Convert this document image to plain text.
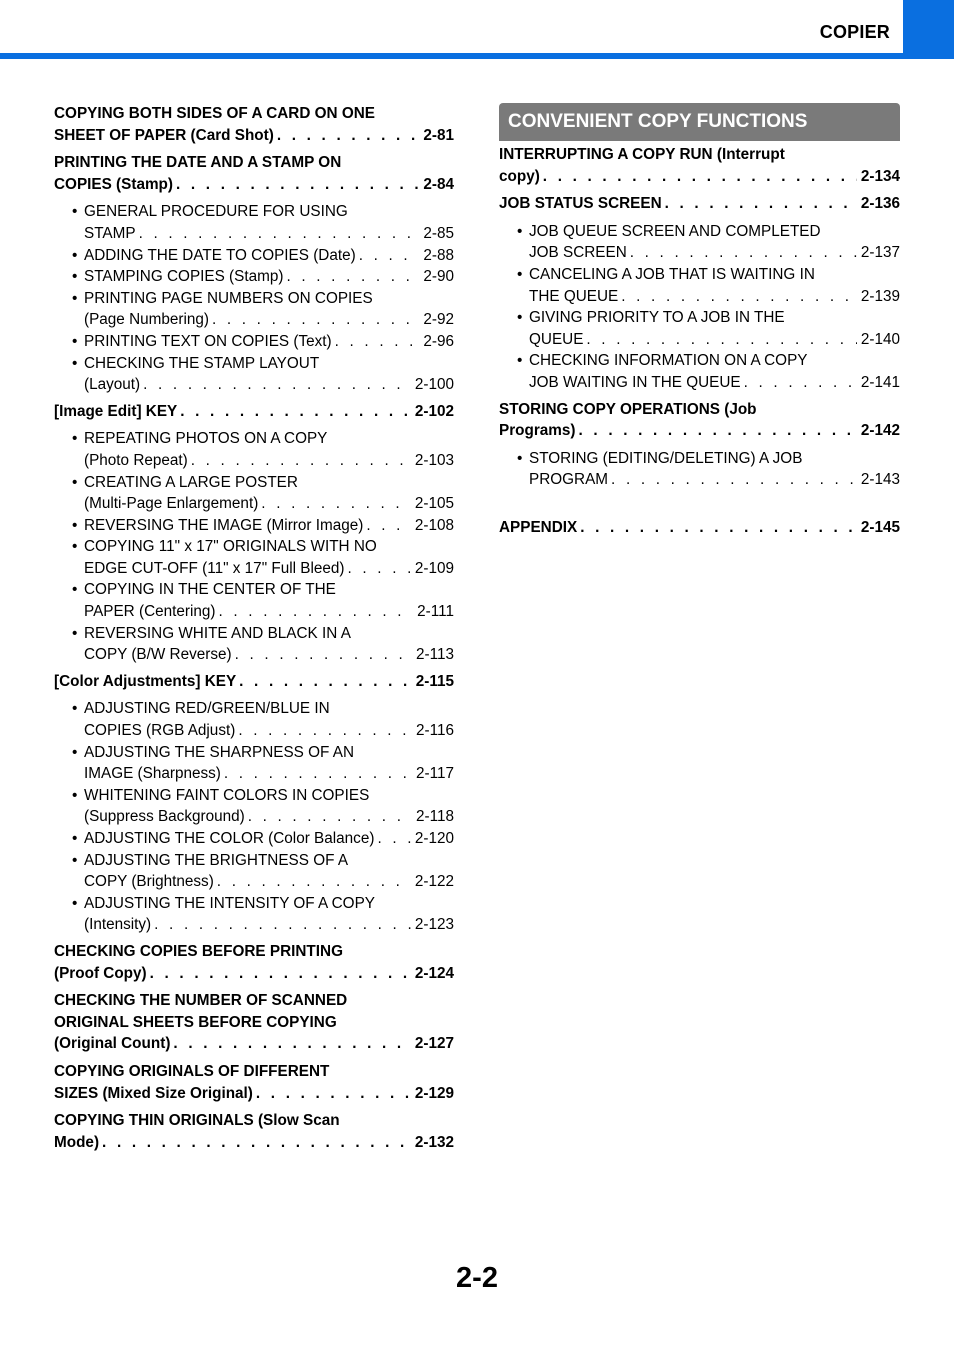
COPIER
COPYING BOTH SIDES OF A CARD ON ONE
SHEET OF PAPER (Card Shot) . . .	2-81
PRINTING THE DATE AND A STAMP ON
COPIES (Stamp) . . .	2-84
• GENERAL PROCEDURE FOR USING
STAMP . . .	2-85
• ADDING THE DATE TO COPIES (Date) . . .	2-88
• STAMPING COPIES (Stamp) . . .	2-90
• PRINTING PAGE NUMBERS ON COPIES
(Page Numbering) . . .	2-92
• PRINTING TEXT ON COPIES (Text) . . .	2-96
• CHECKING THE STAMP LAYOUT
(Layout) . . .	2-100
[Image Edit] KEY . . .	2-102
• REPEATING PHOTOS ON A COPY
(Photo Repeat) . . .	2-103
• CREATING A LARGE POSTER
(Multi-Page Enlargement) . . .	2-105
• REVERSING THE IMAGE (Mirror Image) . . .	2-108
• COPYING 11" x 17" ORIGINALS WITH NO
EDGE CUT-OFF (11" x 17" Full Bleed) . . .	2-109
• COPYING IN THE CENTER OF THE
PAPER (Centering) . . .	2-111
• REVERSING WHITE AND BLACK IN A
COPY (B/W Reverse) . . .	2-113
[Color Adjustments] KEY . . .	2-115
• ADJUSTING RED/GREEN/BLUE IN
COPIES (RGB Adjust) . . .	2-116
• ADJUSTING THE SHARPNESS OF AN
IMAGE (Sharpness) . . .	2-117
• WHITENING FAINT COLORS IN COPIES
(Suppress Background) . . .	2-118
• ADJUSTING THE COLOR (Color Balance) . . .	2-120
• ADJUSTING THE BRIGHTNESS OF A
COPY (Brightness) . . .	2-122
• ADJUSTING THE INTENSITY OF A COPY
(Intensity) . . .	2-123
CHECKING COPIES BEFORE PRINTING
(Proof Copy) . . .	2-124
CHECKING THE NUMBER OF SCANNED
ORIGINAL SHEETS BEFORE COPYING
(Original Count) . . .	2-127
COPYING ORIGINALS OF DIFFERENT
SIZES (Mixed Size Original) . . .	2-129
COPYING THIN ORIGINALS (Slow Scan
Mode) . . .	2-132
CONVENIENT COPY FUNCTIONS
INTERRUPTING A COPY RUN (Interrupt
copy) . . .	2-134
JOB STATUS SCREEN . . .	2-136
• JOB QUEUE SCREEN AND COMPLETED
JOB SCREEN . . .	2-137
• CANCELING A JOB THAT IS WAITING IN
THE QUEUE . . .	2-139
• GIVING PRIORITY TO A JOB IN THE
QUEUE . . .	2-140
• CHECKING INFORMATION ON A COPY
JOB WAITING IN THE QUEUE . . .	2-141
STORING COPY OPERATIONS (Job
Programs) . . .	2-142
• STORING (EDITING/DELETING) A JOB
PROGRAM . . .	2-143
APPENDIX . . .	2-145
2-2
